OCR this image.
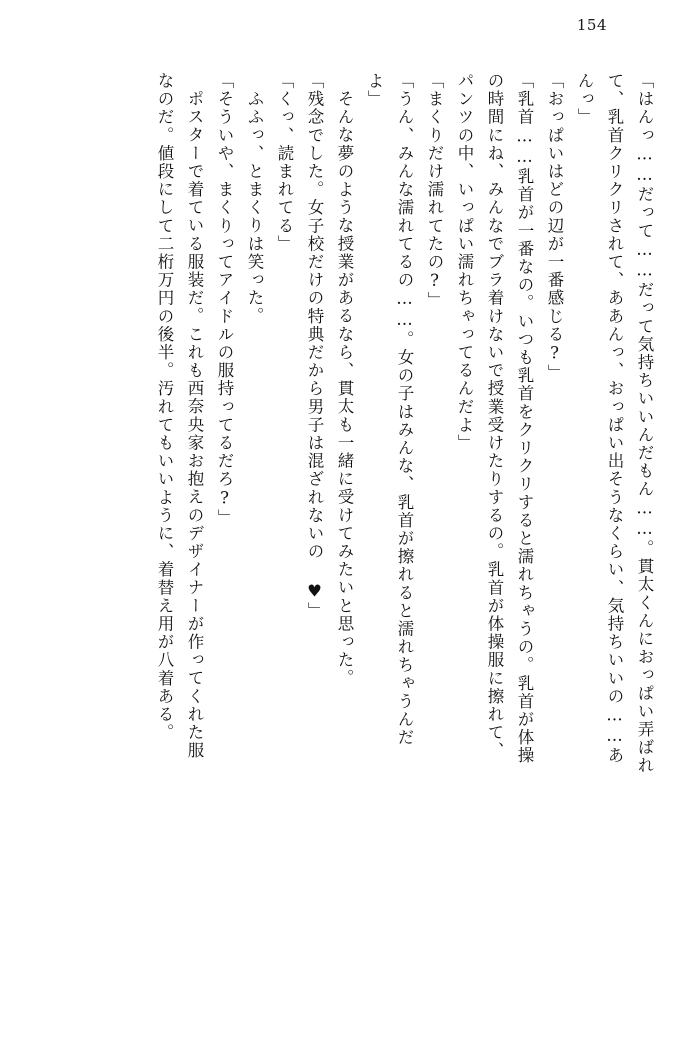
154
「はんっ……だって……だって気持ちいいんだもん……。貫太くんにおっぱい弄ばれ
て、乳首クリクリされて、ああんっ、おっぱい出そうなくらい、気持ちいいの……あ
んっ」
「おっぱいはどの辺が一番感じる?」
「乳首……乳首が一番なの。いつも乳首をクリクリすると濡れちゃうの。乳首が体操
の時間にね、みんなでブラ着けないで授業受けたりするの。乳首が体操服に擦れて、
パンツの中、いっぱい濡れちゃってるんだよ」
「まくりだけ濡れてたの?」
「うん、みんな濡れてるの……。女の子はみんな、乳首が擦れると濡れちゃうんだ
よ」
そんな夢のような授業があるなら、貫太も一緒に受けてみたいと思った。
「残念でした。女子校だけの特典だから男子は混ざれないの ♥」
「くっ、読まれてる」
ふふっ、とまくりは笑った。
「そういや、まくりってアイドルの服持ってるだろ?」
ポスターで着ている服装だ。これも西奈央家お抱えのデザイナーが作ってくれた服
なのだ。値段にして二桁万円の後半。汚れてもいいように、着替え用が八着ある。
